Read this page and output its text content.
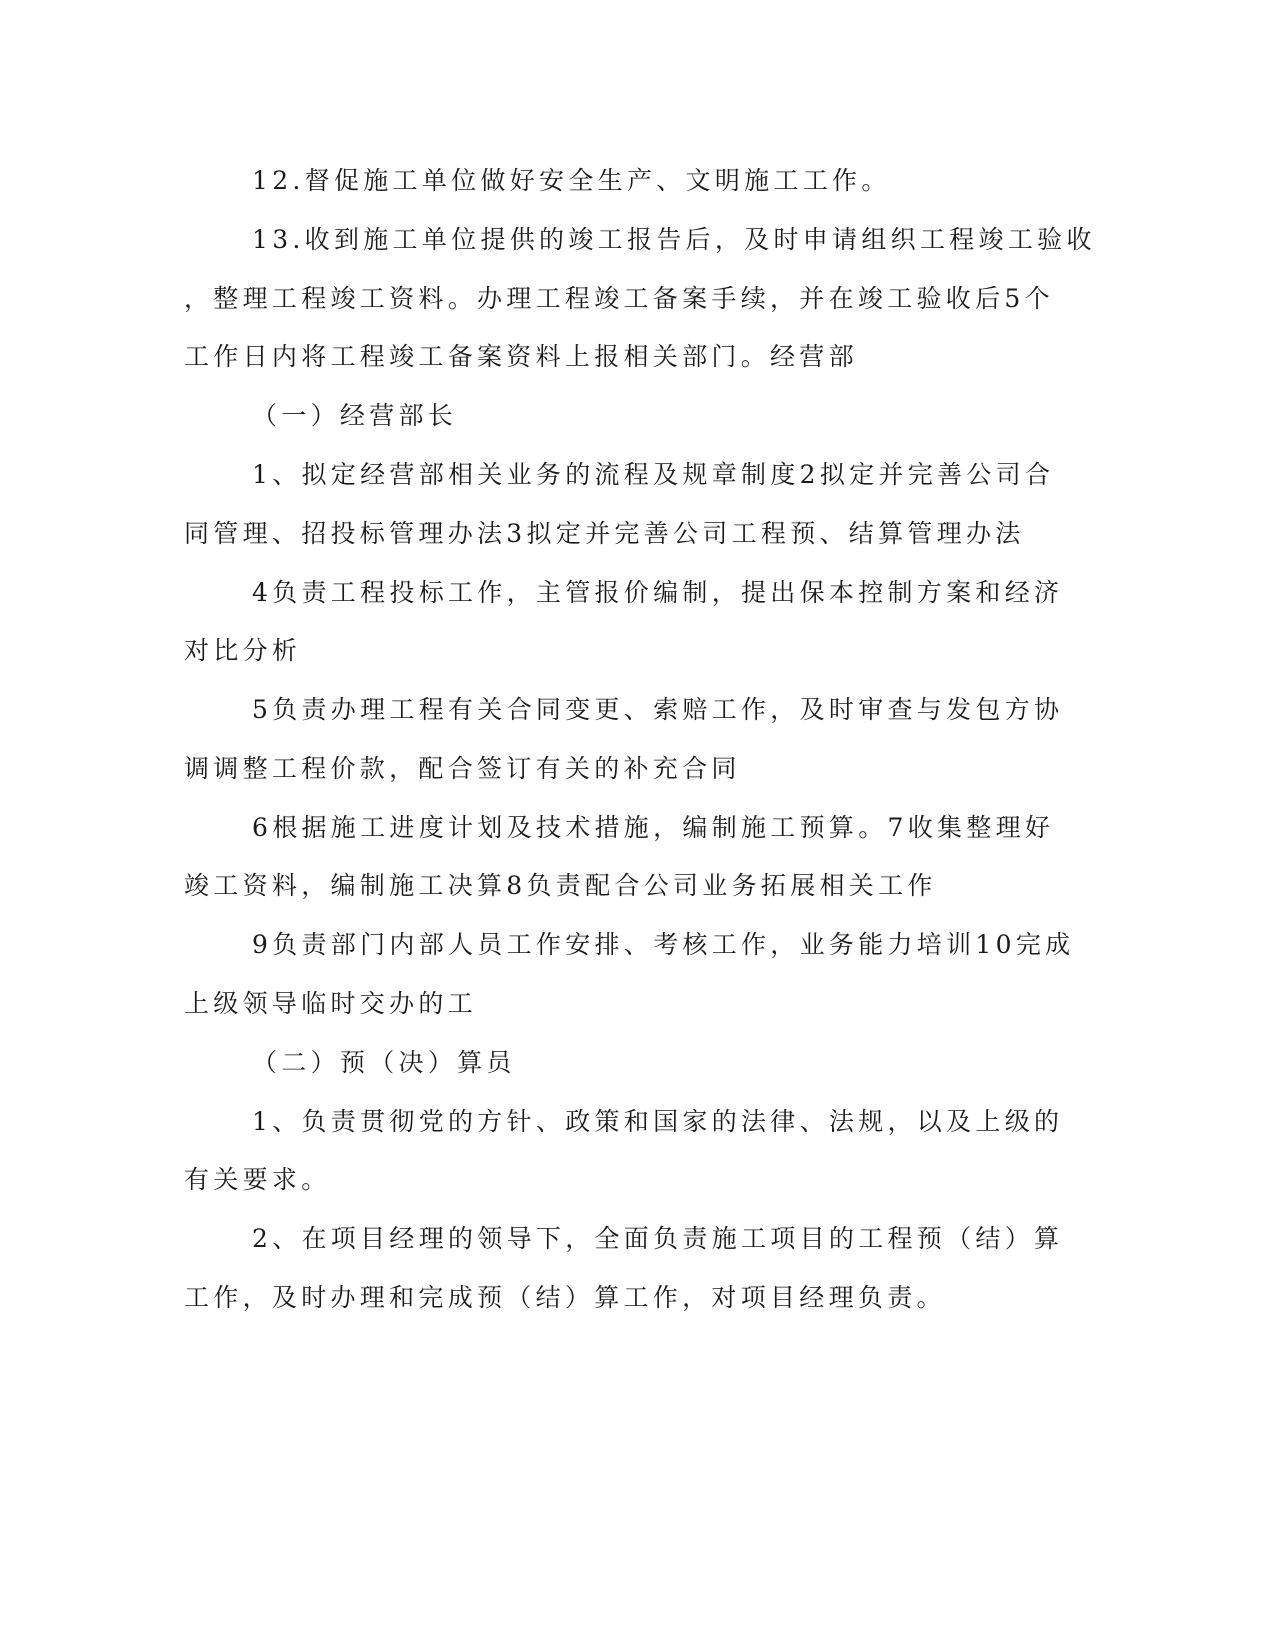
12.督促施工单位做好安全生产、文明施工工作。

13.收到施工单位提供的竣工报告后，及时申请组织工程竣工验收

，整理工程竣工资料。办理工程竣工备案手续，并在竣工验收后5个

工作日内将工程竣工备案资料上报相关部门。经营部

（一）经营部长

1、拟定经营部相关业务的流程及规章制度2拟定并完善公司合

同管理、招投标管理办法3拟定并完善公司工程预、结算管理办法

4负责工程投标工作，主管报价编制，提出保本控制方案和经济

对比分析

5负责办理工程有关合同变更、索赔工作，及时审查与发包方协

调调整工程价款，配合签订有关的补充合同

6根据施工进度计划及技术措施，编制施工预算。7收集整理好

竣工资料，编制施工决算8负责配合公司业务拓展相关工作

9负责部门内部人员工作安排、考核工作，业务能力培训10完成

上级领导临时交办的工

（二）预（决）算员

1、负责贯彻党的方针、政策和国家的法律、法规，以及上级的

有关要求。

2、在项目经理的领导下，全面负责施工项目的工程预（结）算

工作，及时办理和完成预（结）算工作，对项目经理负责。
